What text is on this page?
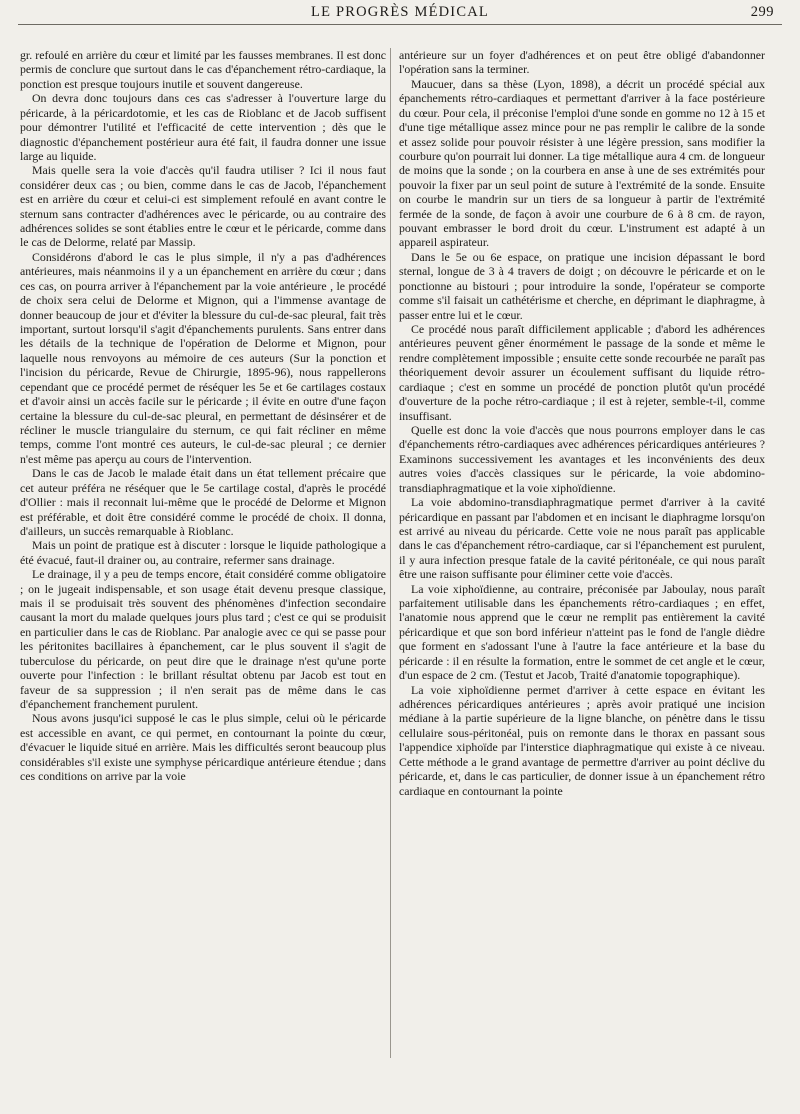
LE PROGRÈS MÉDICAL	299

gr. refoulé en arrière du cœur et limité par les fausses membranes. Il est donc permis de conclure que surtout dans le cas d'épanchement rétro-cardiaque, la ponction est presque toujours inutile et souvent dangereuse.

On devra donc toujours dans ces cas s'adresser à l'ouverture large du péricarde, à la péricardotomie, et les cas de Rioblanc et de Jacob suffisent pour démontrer l'utilité et l'efficacité de cette intervention ; dès que le diagnostic d'épanchement postérieur aura été fait, il faudra donner une issue large au liquide.

Mais quelle sera la voie d'accès qu'il faudra utiliser ? Ici il nous faut considérer deux cas ; ou bien, comme dans le cas de Jacob, l'épanchement est en arrière du cœur et celui-ci est simplement refoulé en avant contre le sternum sans contracter d'adhérences avec le péricarde, ou au contraire des adhérences solides se sont établies entre le cœur et le péricarde, comme dans le cas de Delorme, relaté par Massip.

Considérons d'abord le cas le plus simple, il n'y a pas d'adhérences antérieures, mais néanmoins il y a un épanchement en arrière du cœur ; dans ces cas, on pourra arriver à l'épanchement par la voie antérieure , le procédé de choix sera celui de Delorme et Mignon, qui a l'immense avantage de donner beaucoup de jour et d'éviter la blessure du cul-de-sac pleural, fait très important, surtout lorsqu'il s'agit d'épanchements purulents. Sans entrer dans les détails de la technique de l'opération de Delorme et Mignon, pour laquelle nous renvoyons au mémoire de ces auteurs (Sur la ponction et l'incision du péricarde, Revue de Chirurgie, 1895-96), nous rappellerons cependant que ce procédé permet de réséquer les 5e et 6e cartilages costaux et d'avoir ainsi un accès facile sur le péricarde ; il évite en outre d'une façon certaine la blessure du cul-de-sac pleural, en permettant de désinsérer et de récliner le muscle triangulaire du sternum, ce qui fait récliner en même temps, comme l'ont montré ces auteurs, le cul-de-sac pleural ; ce dernier n'est même pas aperçu au cours de l'intervention.

Dans le cas de Jacob le malade était dans un état tellement précaire que cet auteur préféra ne réséquer que le 5e cartilage costal, d'après le procédé d'Ollier : mais il reconnait lui-même que le procédé de Delorme et Mignon est préférable, et doit être considéré comme le procédé de choix. Il donna, d'ailleurs, un succès remarquable à Rioblanc.

Mais un point de pratique est à discuter : lorsque le liquide pathologique a été évacué, faut-il drainer ou, au contraire, refermer sans drainage.

Le drainage, il y a peu de temps encore, était considéré comme obligatoire ; on le jugeait indispensable, et son usage était devenu presque classique, mais il se produisait très souvent des phénomènes d'infection secondaire causant la mort du malade quelques jours plus tard ; c'est ce qui se produisit en particulier dans le cas de Rioblanc. Par analogie avec ce qui se passe pour les péritonites bacillaires à épanchement, car le plus souvent il s'agit de tuberculose du péricarde, on peut dire que le drainage n'est qu'une porte ouverte pour l'infection : le brillant résultat obtenu par Jacob est tout en faveur de sa suppression ; il n'en serait pas de même dans le cas d'épanchement franchement purulent.

Nous avons jusqu'ici supposé le cas le plus simple, celui où le péricarde est accessible en avant, ce qui permet, en contournant la pointe du cœur, d'évacuer le liquide situé en arrière. Mais les difficultés seront beaucoup plus considérables s'il existe une symphyse péricardique antérieure étendue ; dans ces conditions on arrive par la voie

antérieure sur un foyer d'adhérences et on peut être obligé d'abandonner l'opération sans la terminer.

Maucuer, dans sa thèse (Lyon, 1898), a décrit un procédé spécial aux épanchements rétro-cardiaques et permettant d'arriver à la face postérieure du cœur. Pour cela, il préconise l'emploi d'une sonde en gomme no 12 à 15 et d'une tige métallique assez mince pour ne pas remplir le calibre de la sonde et assez solide pour pouvoir résister à une légère pression, sans modifier la courbure qu'on pourrait lui donner. La tige métallique aura 4 cm. de longueur de moins que la sonde ; on la courbera en anse à une de ses extrémités pour pouvoir la fixer par un seul point de suture à l'extrémité de la sonde. Ensuite on courbe le mandrin sur un tiers de sa longueur à partir de l'extrémité fermée de la sonde, de façon à avoir une courbure de 6 à 8 cm. de rayon, pouvant embrasser le bord droit du cœur. L'instrument est adapté à un appareil aspirateur.

Dans le 5e ou 6e espace, on pratique une incision dépassant le bord sternal, longue de 3 à 4 travers de doigt ; on découvre le péricarde et on le ponctionne au bistouri ; pour introduire la sonde, l'opérateur se comporte comme s'il faisait un cathétérisme et cherche, en déprimant le diaphragme, à passer entre lui et le cœur.

Ce procédé nous paraît difficilement applicable ; d'abord les adhérences antérieures peuvent gêner énormément le passage de la sonde et même le rendre complètement impossible ; ensuite cette sonde recourbée ne paraît pas théoriquement devoir assurer un écoulement suffisant du liquide rétro-cardiaque ; c'est en somme un procédé de ponction plutôt qu'un procédé d'ouverture de la poche rétro-cardiaque ; il est à rejeter, semble-t-il, comme insuffisant.

Quelle est donc la voie d'accès que nous pourrons employer dans le cas d'épanchements rétro-cardiaques avec adhérences péricardiques antérieures ? Examinons successivement les avantages et les inconvénients des deux autres voies d'accès classiques sur le péricarde, la voie abdomino-transdiaphragmatique et la voie xiphoïdienne.

La voie abdomino-transdiaphragmatique permet d'arriver à la cavité péricardique en passant par l'abdomen et en incisant le diaphragme lorsqu'on est arrivé au niveau du péricarde. Cette voie ne nous paraît pas applicable dans le cas d'épanchement rétro-cardiaque, car si l'épanchement est purulent, il y aura infection presque fatale de la cavité péritonéale, ce qui nous paraît être une raison suffisante pour éliminer cette voie d'accès.

La voie xiphoïdienne, au contraire, préconisée par Jaboulay, nous paraît parfaitement utilisable dans les épanchements rétro-cardiaques ; en effet, l'anatomie nous apprend que le cœur ne remplit pas entièrement la cavité péricardique et que son bord inférieur n'atteint pas le fond de l'angle dièdre que forment en s'adossant l'une à l'autre la face antérieure et la base du péricarde : il en résulte la formation, entre le sommet de cet angle et le cœur, d'un espace de 2 cm. (Testut et Jacob, Traité d'anatomie topographique).

La voie xiphoïdienne permet d'arriver à cette espace en évitant les adhérences péricardiques antérieures ; après avoir pratiqué une incision médiane à la partie supérieure de la ligne blanche, on pénètre dans le tissu cellulaire sous-péritonéal, puis on remonte dans le thorax en passant sous l'appendice xiphoïde par l'interstice diaphragmatique qui existe à ce niveau. Cette méthode a le grand avantage de permettre d'arriver au point déclive du péricarde, et, dans le cas particulier, de donner issue à un épanchement rétro cardiaque en contournant la pointe
